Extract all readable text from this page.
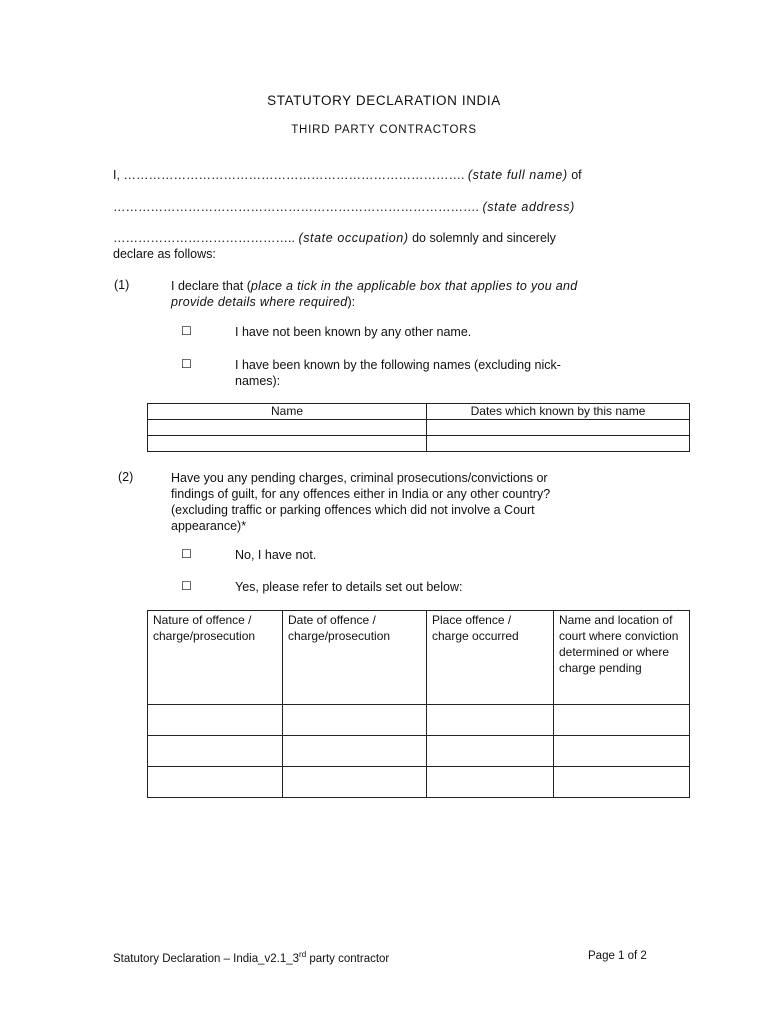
STATUTORY DECLARATION INDIA
THIRD PARTY CONTRACTORS
I, ………………………………………………………………………. (state full name) of
……………………………………………………………………………. (state address)
…………………………………….. (state occupation) do solemnly and sincerely
declare as follows:
(1)	I declare that (place a tick in the applicable box that applies to you and
provide details where required):
☐	I have not been known by any other name.
☐	I have been known by the following names (excluding nick-
names):
Name	Dates which known by this name

(2)	Have you any pending charges, criminal prosecutions/convictions or
findings of guilt, for any offences either in India or any other country?
(excluding traffic or parking offences which did not involve a Court
appearance)*
☐	No, I have not.
☐	Yes, please refer to details set out below:
Nature of offence / charge/prosecution	Date of offence / charge/prosecution	Place offence / charge occurred	Name and location of court where conviction determined or where charge pending

Statutory Declaration – India_v2.1_3rd party contractor	Page 1 of 2
